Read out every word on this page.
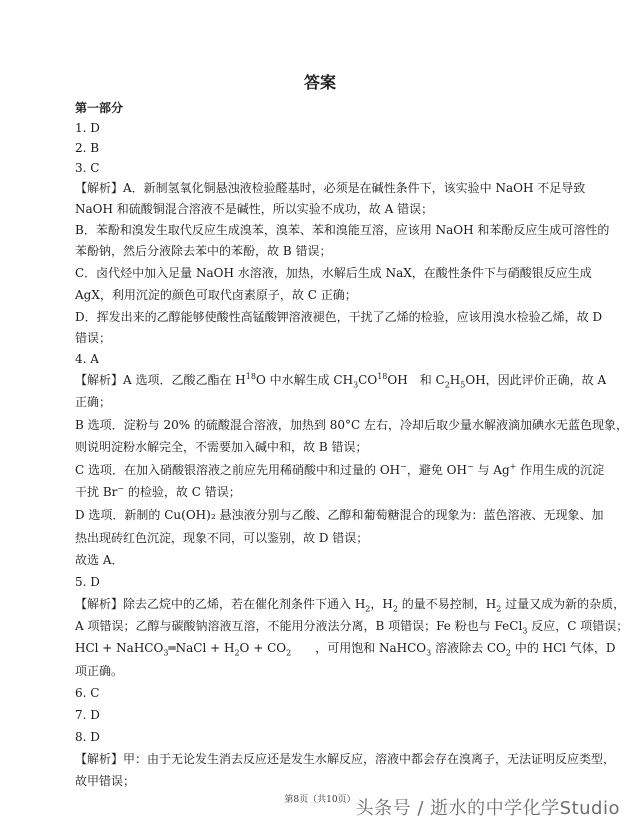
答案
第一部分
1. D
2. B
3. C
【解析】A．新制氢氧化铜悬浊液检验醛基时，必须是在碱性条件下，该实验中 NaOH 不足导致
NaOH 和硫酸铜混合溶液不是碱性，所以实验不成功，故 A 错误；
B．苯酚和溴发生取代反应生成溴苯，溴苯、苯和溴能互溶，应该用 NaOH 和苯酚反应生成可溶性的
苯酚钠，然后分液除去苯中的苯酚，故 B 错误；
C．卤代烃中加入足量 NaOH 水溶液，加热，水解后生成 NaX，在酸性条件下与硝酸银反应生成
AgX，利用沉淀的颜色可取代卤素原子，故 C 正确；
D．挥发出来的乙醇能够使酸性高锰酸钾溶液褪色，干扰了乙烯的检验，应该用溴水检验乙烯，故 D
错误；
4. A
【解析】A 选项．乙酸乙酯在 $H^{18}O$ 中水解生成 $CH_3CO^{18}OH$　和 $C_2H_5OH$，因此评价正确，故 A
正确；
B 选项．淀粉与 20% 的硫酸混合溶液，加热到 80°C 左右，冷却后取少量水解液滴加碘水无蓝色现象，
则说明淀粉水解完全，不需要加入碱中和，故 B 错误；
C 选项．在加入硝酸银溶液之前应先用稀硝酸中和过量的 OH−，避免 OH− 与 Ag+ 作用生成的沉淀
干扰 Br− 的检验，故 C 错误；
D 选项．新制的 Cu(OH)₂ 悬浊液分别与乙酸、乙醇和葡萄糖混合的现象为：蓝色溶液、无现象、加
热出现砖红色沉淀，现象不同，可以鉴别，故 D 错误；
故选 A．
5. D
【解析】除去乙烷中的乙烯，若在催化剂条件下通入 $H_2$，$H_2$ 的量不易控制，$H_2$ 过量又成为新的杂质，
A 项错误；乙醇与碳酸钠溶液互溶，不能用分液法分离，B 项错误；Fe 粉也与 FeCl$_3$ 反应，C 项错误；
HCl + NaHCO$_3$═NaCl + $H_2O + CO_2$　　，可用饱和 NaHCO$_3$ 溶液除去 $CO_2$ 中的 HCl 气体，D
项正确。
6. C
7. D
8. D
【解析】甲：由于无论发生消去反应还是发生水解反应，溶液中都会存在溴离子，无法证明反应类型，
故甲错误；
第8页（共10页） 头条号 / 逝水的中学化学Studio
